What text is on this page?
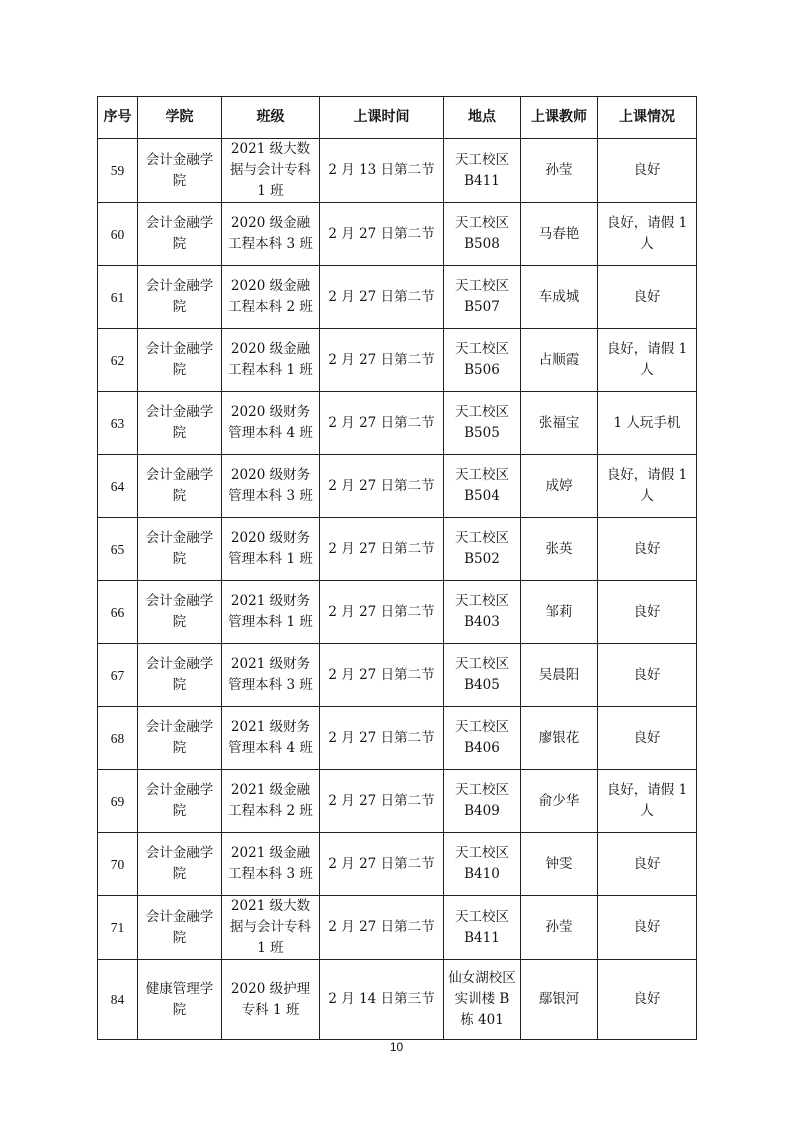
序号	学院	班级	上课时间	地点	上课教师	上课情况
59	会计金融学院	2021 级大数据与会计专科 1 班	2 月 13 日第二节	天工校区 B411	孙莹	良好
60	会计金融学院	2020 级金融工程本科 3 班	2 月 27 日第二节	天工校区 B508	马春艳	良好，请假 1 人
61	会计金融学院	2020 级金融工程本科 2 班	2 月 27 日第二节	天工校区 B507	车成城	良好
62	会计金融学院	2020 级金融工程本科 1 班	2 月 27 日第二节	天工校区 B506	占顺霞	良好，请假 1 人
63	会计金融学院	2020 级财务管理本科 4 班	2 月 27 日第二节	天工校区 B505	张福宝	1 人玩手机
64	会计金融学院	2020 级财务管理本科 3 班	2 月 27 日第二节	天工校区 B504	成婷	良好，请假 1 人
65	会计金融学院	2020 级财务管理本科 1 班	2 月 27 日第二节	天工校区 B502	张英	良好
66	会计金融学院	2021 级财务管理本科 1 班	2 月 27 日第二节	天工校区 B403	邹莉	良好
67	会计金融学院	2021 级财务管理本科 3 班	2 月 27 日第二节	天工校区 B405	吴晨阳	良好
68	会计金融学院	2021 级财务管理本科 4 班	2 月 27 日第二节	天工校区 B406	廖银花	良好
69	会计金融学院	2021 级金融工程本科 2 班	2 月 27 日第二节	天工校区 B409	俞少华	良好，请假 1 人
70	会计金融学院	2021 级金融工程本科 3 班	2 月 27 日第二节	天工校区 B410	钟雯	良好
71	会计金融学院	2021 级大数据与会计专科 1 班	2 月 27 日第二节	天工校区 B411	孙莹	良好
84	健康管理学院	2020 级护理专科 1 班	2 月 14 日第三节	仙女湖校区实训楼 B 栋 401	鄢银河	良好
10
